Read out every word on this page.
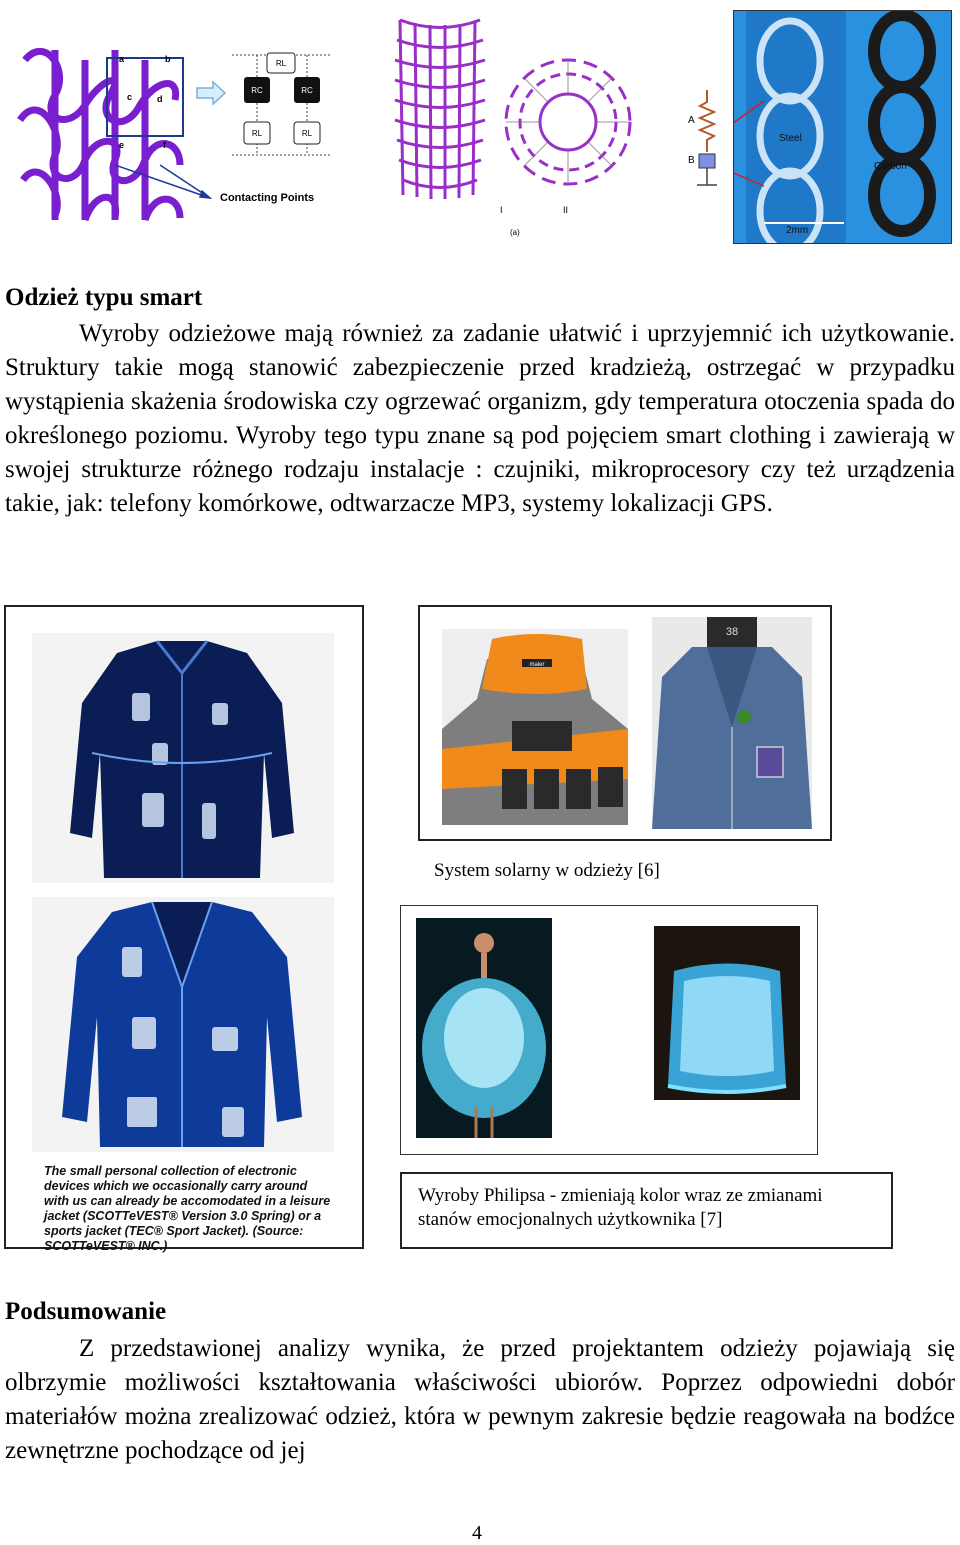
a	b
c	d
e	f
RL
RC	RC
RL	RL
Contacting Points
I	II
(a)
A
B
Steel
Carbon
2mm
Odzież typu smart
Wyroby odzieżowe mają również za zadanie ułatwić i uprzyjemnić ich użytkowanie. Struktury takie mogą stanowić zabezpieczenie przed kradzieżą, ostrzegać w przypadku wystąpienia skażenia środowiska czy ogrzewać organizm, gdy temperatura otoczenia spada do określonego poziomu. Wyroby tego typu znane są pod pojęciem smart clothing i zawierają w swojej strukturze różnego rodzaju instalacje : czujniki, mikroprocesory czy też urządzenia takie, jak: telefony komórkowe, odtwarzacze MP3, systemy lokalizacji GPS.
The small personal collection of electronic devices which we occasionally carry around with us can already be accomodated in a leisure jacket (SCOTTeVEST® Version 3.0 Spring) or a sports jacket (TEC® Sport Jacket). (Source: SCOTTeVEST® INC.)
maier
38
System solarny w odzieży [6]
Wyroby Philipsa - zmieniają kolor wraz ze zmianami stanów emocjonalnych użytkownika [7]
Podsumowanie
Z przedstawionej analizy wynika, że przed projektantem odzieży pojawiają się olbrzymie możliwości kształtowania właściwości ubiorów. Poprzez odpowiedni dobór materiałów można zrealizować odzież, która w pewnym zakresie będzie reagowała na bodźce zewnętrzne pochodzące od jej
4
